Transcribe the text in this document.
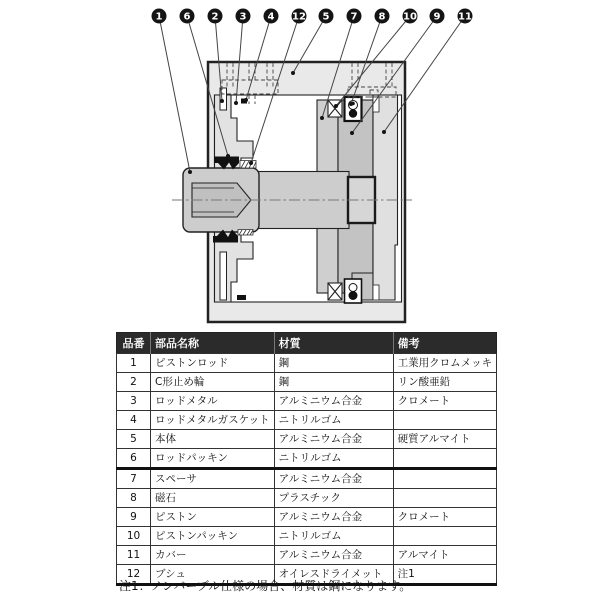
1 6 2 3 4 12 5 7 8 10 9 11
品番	部品名称	材質	備考
1	ピストンロッド	鋼	工業用クロムメッキ
2	C形止め輪	鋼	リン酸亜鉛
3	ロッドメタル	アルミニウム合金	クロメート
4	ロッドメタルガスケット	ニトリルゴム	
5	本体	アルミニウム合金	硬質アルマイト
6	ロッドパッキン	ニトリルゴム	
7	スペーサ	アルミニウム合金	
8	磁石	プラスチック	
9	ピストン	アルミニウム合金	クロメート
10	ピストンパッキン	ニトリルゴム	
11	カバー	アルミニウム合金	アルマイト
12	ブシュ	オイレスドライメット	注1
注1：ノンバーブル仕様の場合、材質は鋼になります。
